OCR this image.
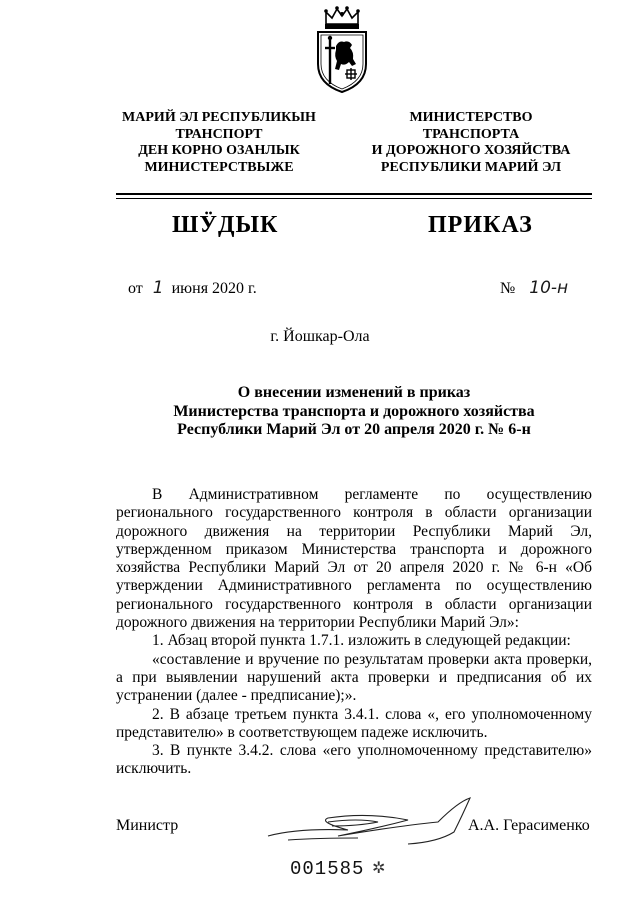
МАРИЙ ЭЛ РЕСПУБЛИКЫН
ТРАНСПОРТ
ДЕН КОРНО ОЗАНЛЫК
МИНИСТЕРСТВЫЖЕ
МИНИСТЕРСТВО
ТРАНСПОРТА
И ДОРОЖНОГО ХОЗЯЙСТВА
РЕСПУБЛИКИ МАРИЙ ЭЛ
ШӰДЫК	ПРИКАЗ
от 1 июня 2020 г.	№ 10-н
г. Йошкар-Ола
О внесении изменений в приказ
Министерства транспорта и дорожного хозяйства
Республики Марий Эл от 20 апреля 2020 г. № 6-н

В Административном регламенте по осуществлению регионального государственного контроля в области организации дорожного движения на территории Республики Марий Эл, утвержденном приказом Министерства транспорта и дорожного хозяйства Республики Марий Эл от 20 апреля 2020 г. № 6-н «Об утверждении Административного регламента по осуществлению регионального государственного контроля в области организации дорожного движения на территории Республики Марий Эл»:

1. Абзац второй пункта 1.7.1. изложить в следующей редакции:

«составление и вручение по результатам проверки акта проверки, а при выявлении нарушений акта проверки и предписания об их устранении (далее - предписание);».

2. В абзаце третьем пункта 3.4.1. слова «, его уполномоченному представителю» в соответствующем падеже исключить.

3. В пункте 3.4.2. слова «его уполномоченному представителю» исключить.

Министр	А.А. Герасименко
001585 ✲
